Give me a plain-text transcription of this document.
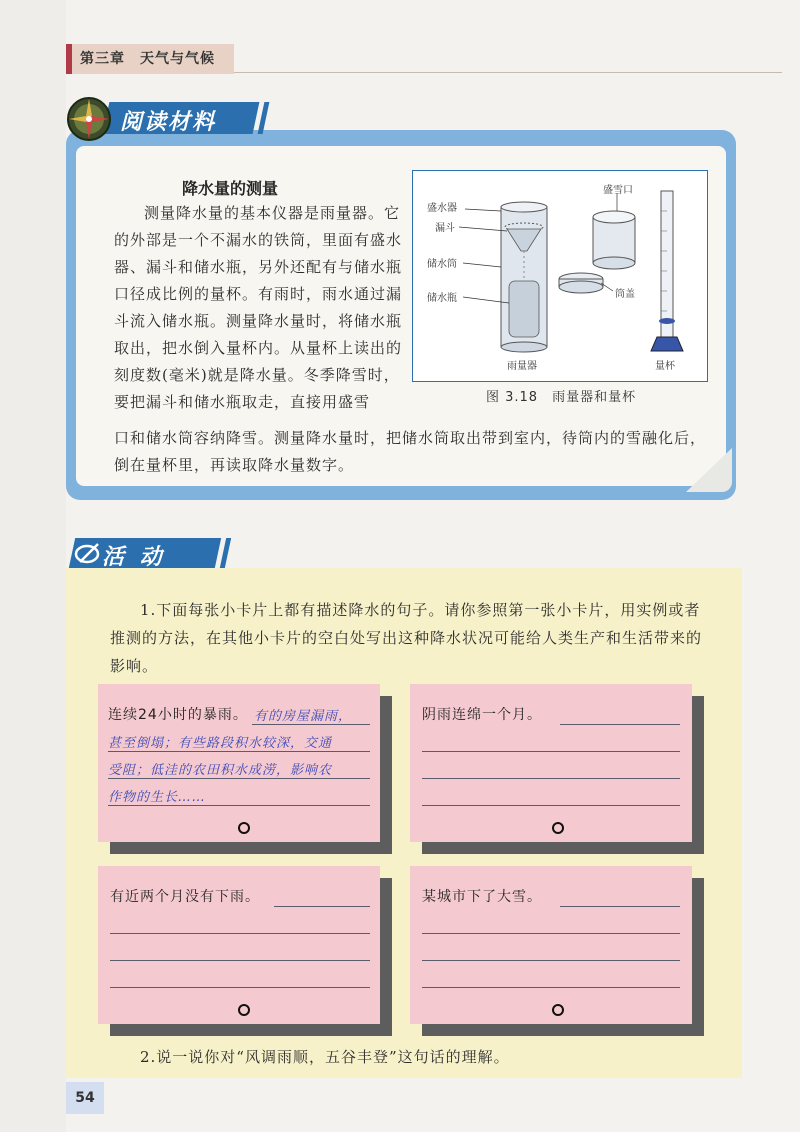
第三章　天气与气候
阅读材料
降水量的测量
测量降水量的基本仪器是雨量器。它的外部是一个不漏水的铁筒，里面有盛水器、漏斗和储水瓶，另外还配有与储水瓶口径成比例的量杯。有雨时，雨水通过漏斗流入储水瓶。测量降水量时，将储水瓶取出，把水倒入量杯内。从量杯上读出的刻度数(毫米)就是降水量。冬季降雪时，要把漏斗和储水瓶取走，直接用盛雪
口和储水筒容纳降雪。测量降水量时，把储水筒取出带到室内，待筒内的雪融化后，倒在量杯里，再读取降水量数字。
盛水器
漏斗
储水筒
储水瓶
雨量器
盛雪口
筒盖
量杯
图 3.18　雨量器和量杯
活 动
1.下面每张小卡片上都有描述降水的句子。请你参照第一张小卡片，用实例或者推测的方法，在其他小卡片的空白处写出这种降水状况可能给人类生产和生活带来的影响。
连续24小时的暴雨。 有的房屋漏雨，
甚至倒塌；有些路段积水较深，交通
受阻；低洼的农田积水成涝，影响农
作物的生长……
阴雨连绵一个月。
有近两个月没有下雨。	某城市下了大雪。
2.说一说你对“风调雨顺，五谷丰登”这句话的理解。
54
